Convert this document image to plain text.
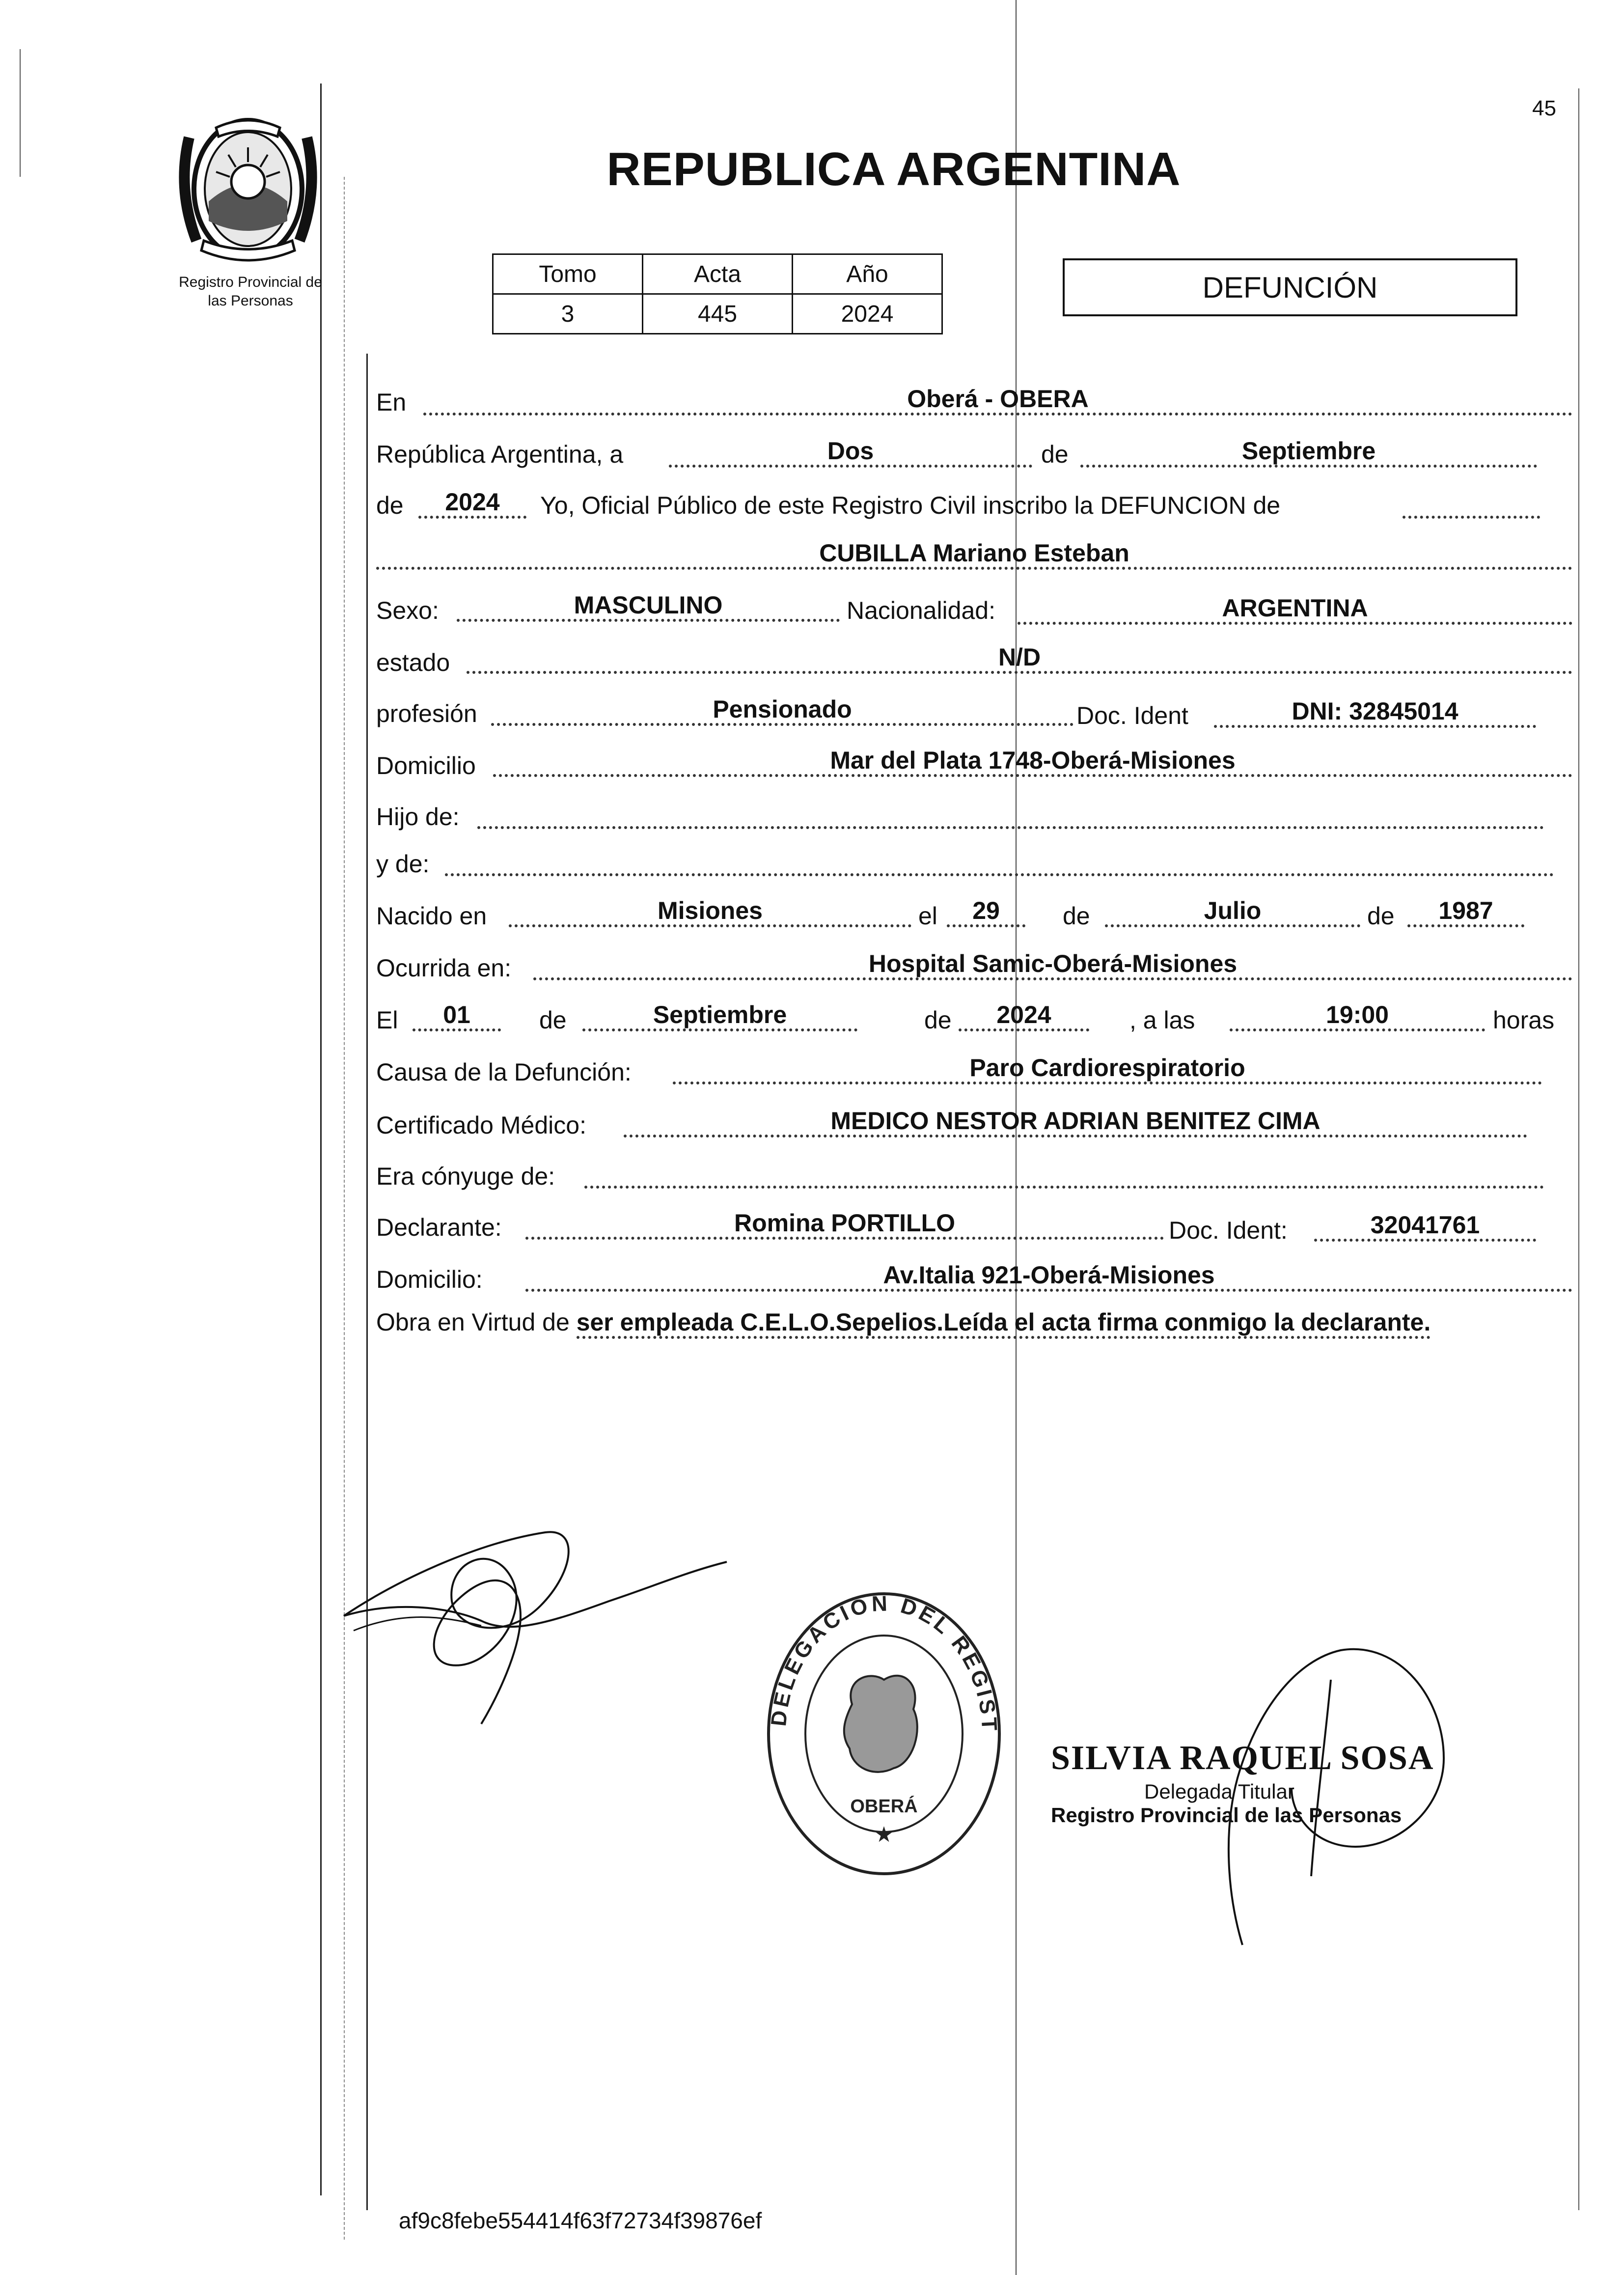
Registro Provincial de
las Personas
45
REPUBLICA ARGENTINA
Tomo	Acta	Año
3	445	2024
DEFUNCIÓN
En	Oberá - OBERA
República Argentina, a	Dos	de	Septiembre
de	2024	Yo, Oficial Público de este Registro Civil inscribo la DEFUNCION de
CUBILLA Mariano Esteban
Sexo:	MASCULINO	Nacionalidad:	ARGENTINA
estado	N/D
profesión	Pensionado	Doc. Ident	DNI: 32845014
Domicilio	Mar del Plata 1748-Oberá-Misiones
Hijo de:
y de:
Nacido en	Misiones	el	29	de	Julio	de	1987
Ocurrida en:	Hospital Samic-Oberá-Misiones
El	01	de	Septiembre	de	2024	, a las	19:00	horas
Causa de la Defunción:	Paro Cardiorespiratorio
Certificado Médico:	MEDICO NESTOR ADRIAN BENITEZ CIMA
Era cónyuge de:
Declarante:	Romina PORTILLO	Doc. Ident:	32041761
Domicilio:	Av.Italia 921-Oberá-Misiones
Obra en Virtud de ser empleada C.E.L.O.Sepelios.Leída el acta firma conmigo la declarante.
DELEGACION DEL REGISTRO PROVINCIAL DE LAS PERSONAS
OBERÁ
★
SILVIA RAQUEL SOSA
Delegada Titular
Registro Provincial de las Personas
af9c8febe554414f63f72734f39876ef
